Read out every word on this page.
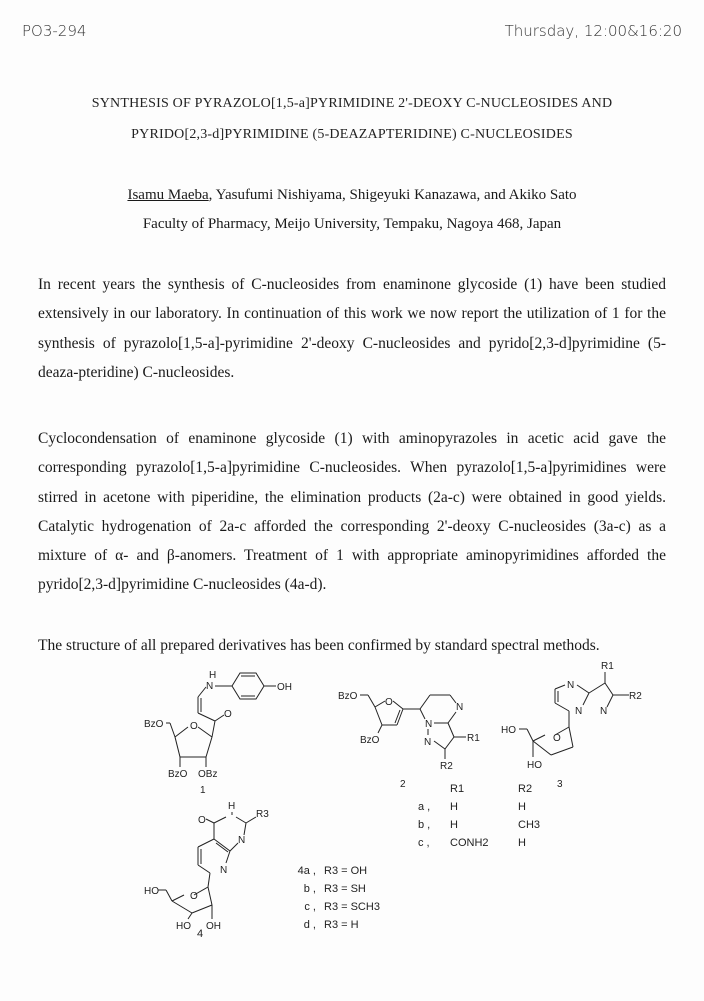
PO3-294	Thursday, 12:00&16:20
SYNTHESIS OF PYRAZOLO[1,5-a]PYRIMIDINE 2'-DEOXY C-NUCLEOSIDES AND
PYRIDO[2,3-d]PYRIMIDINE (5-DEAZAPTERIDINE) C-NUCLEOSIDES
Isamu Maeba, Yasufumi Nishiyama, Shigeyuki Kanazawa, and Akiko Sato
Faculty of Pharmacy, Meijo University, Tempaku, Nagoya 468, Japan
In recent years the synthesis of C-nucleosides from enaminone glycoside (1) have been studied extensively in our laboratory. In continuation of this work we now report the utilization of 1 for the synthesis of pyrazolo[1,5-a]-pyrimidine 2'-deoxy C-nucleosides and pyrido[2,3-d]pyrimidine (5-deaza-pteridine) C-nucleosides.
Cyclocondensation of enaminone glycoside (1) with aminopyrazoles in acetic acid gave the corresponding pyrazolo[1,5-a]pyrimidine C-nucleosides. When pyrazolo[1,5-a]pyrimidines were stirred in acetone with piperidine, the elimination products (2a-c) were obtained in good yields. Catalytic hydrogenation of 2a-c afforded the corresponding 2'-deoxy C-nucleosides (3a-c) as a mixture of α- and β-anomers. Treatment of 1 with appropriate aminopyrimidines afforded the pyrido[2,3-d]pyrimidine C-nucleosides (4a-d).
The structure of all prepared derivatives has been confirmed by standard spectral methods.
H
N	OH
O
O
BzO
BzO OBz
1
BzO
O
BzO
N
N
R1
N
R2
2
R1
N
R2
N N
O
HO
HO
3
	R1	R2
a ,	H	H
b ,	H	CH3
c ,	CONH2	H
H
O
R3
N
N
O
HO
HO OH
4
4a ,	R3 = OH
b ,	R3 = SH
c ,	R3 = SCH3
d ,	R3 = H
